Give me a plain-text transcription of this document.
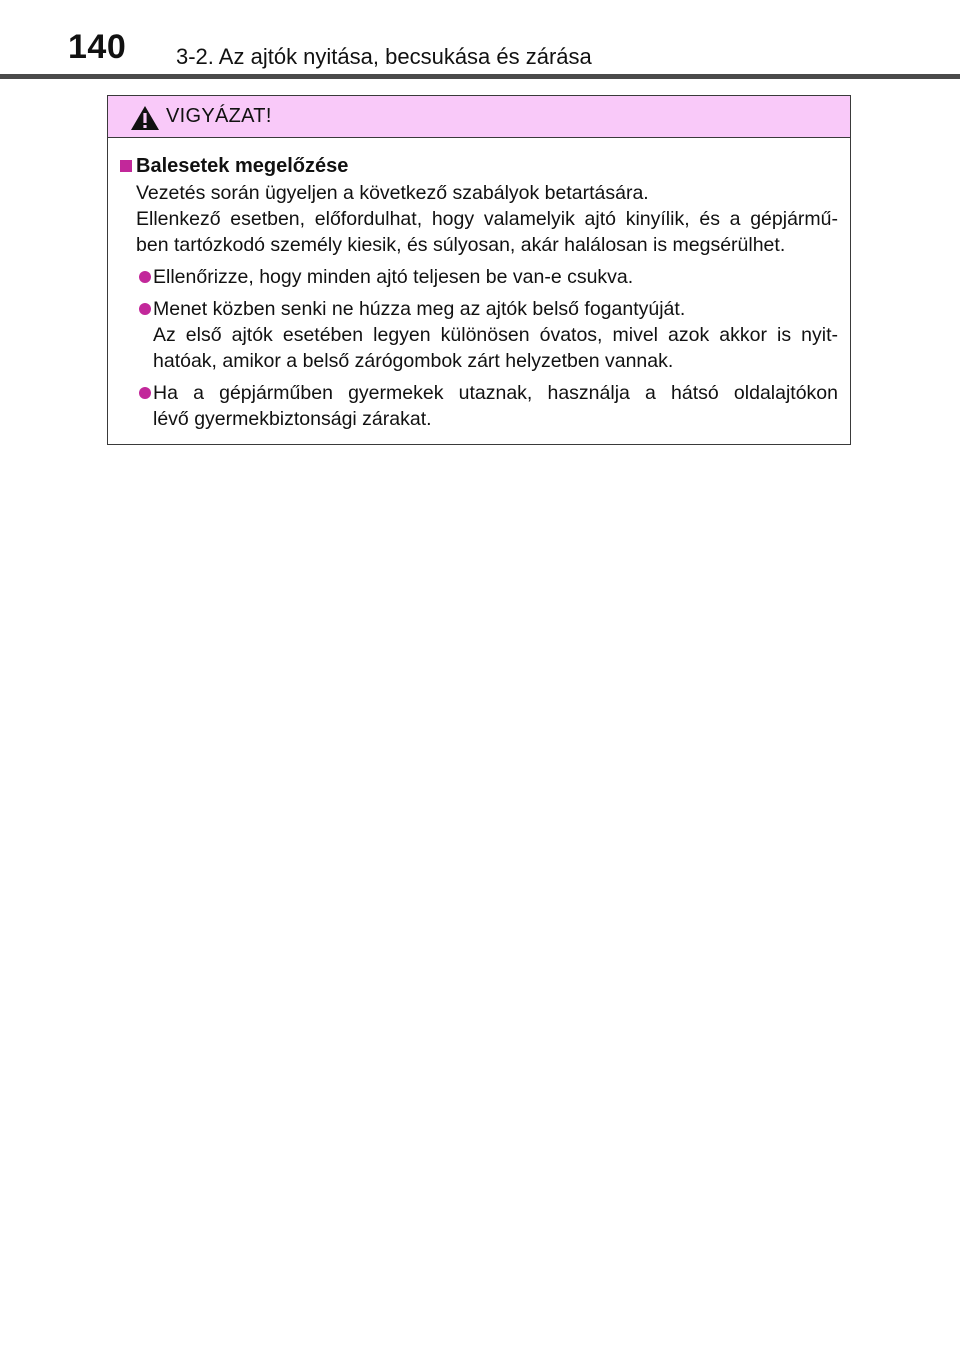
140 3-2. Az ajtók nyitása, becsukása és zárása
VIGYÁZAT!
Balesetek megelőzése
Vezetés során ügyeljen a következő szabályok betartására.
Ellenkező esetben, előfordulhat, hogy valamelyik ajtó kinyílik, és a gépjármű-
ben tartózkodó személy kiesik, és súlyosan, akár halálosan is megsérülhet.
Ellenőrizze, hogy minden ajtó teljesen be van-e csukva.
Menet közben senki ne húzza meg az ajtók belső fogantyúját.
Az első ajtók esetében legyen különösen óvatos, mivel azok akkor is nyit-
hatóak, amikor a belső zárógombok zárt helyzetben vannak.
Ha a gépjárműben gyermekek utaznak, használja a hátsó oldalajtókon
lévő gyermekbiztonsági zárakat.
